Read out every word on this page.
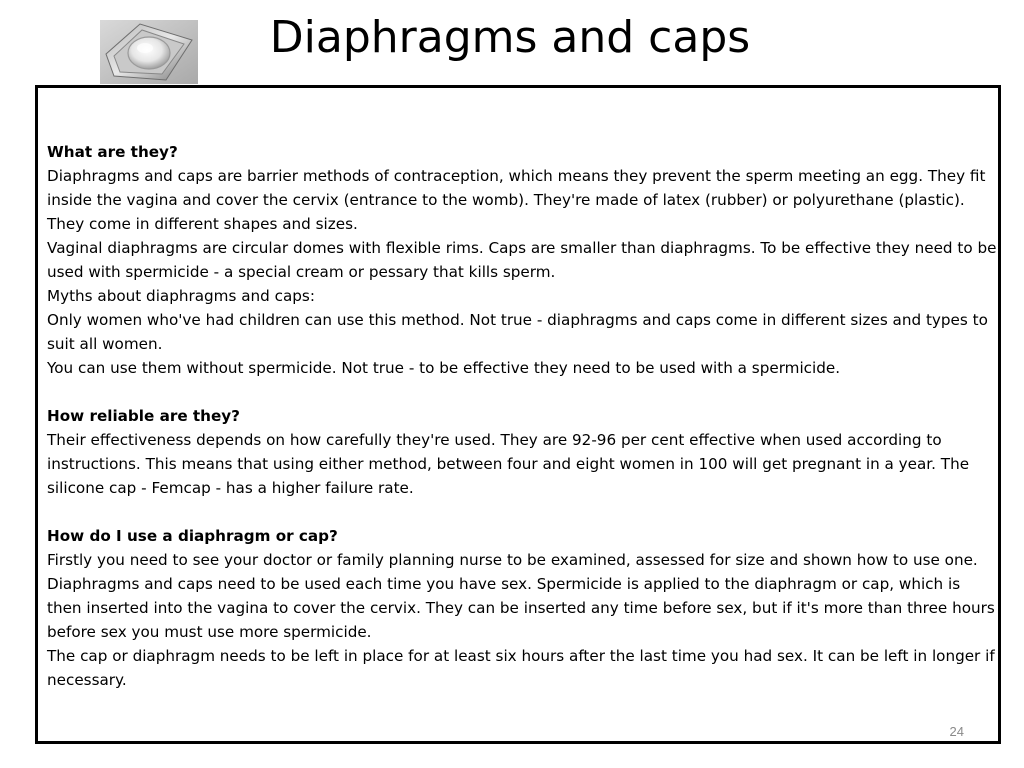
Diaphragms and caps

What are they?

Diaphragms and caps are barrier methods of contraception, which means they prevent the sperm meeting an egg. They fit inside the vagina and cover the cervix (entrance to the womb). They're made of latex (rubber) or polyurethane (plastic). They come in different shapes and sizes.

Vaginal diaphragms are circular domes with flexible rims. Caps are smaller than diaphragms. To be effective they need to be used with spermicide - a special cream or pessary that kills sperm.

Myths about diaphragms and caps:

Only women who've had children can use this method. Not true - diaphragms and caps come in different sizes and types to suit all women.

You can use them without spermicide. Not true - to be effective they need to be used with a spermicide.

How reliable are they?

Their effectiveness depends on how carefully they're used. They are 92-96 per cent effective when used according to instructions. This means that using either method, between four and eight women in 100 will get pregnant in a year. The silicone cap - Femcap - has a higher failure rate.

How do I use a diaphragm or cap?

Firstly you need to see your doctor or family planning nurse to be examined, assessed for size and shown how to use one. Diaphragms and caps need to be used each time you have sex. Spermicide is applied to the diaphragm or cap, which is then inserted into the vagina to cover the cervix. They can be inserted any time before sex, but if it's more than three hours before sex you must use more spermicide.

The cap or diaphragm needs to be left in place for at least six hours after the last time you had sex. It can be left in longer if necessary.

24
